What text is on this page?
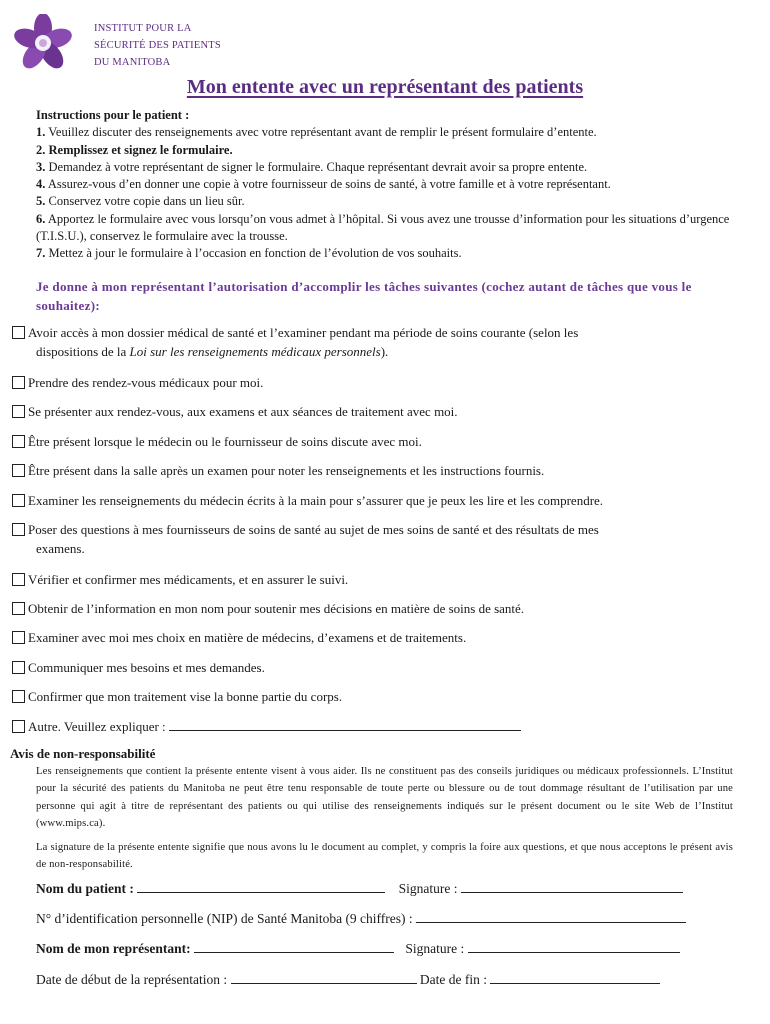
INSTITUT POUR LA
SÉCURITÉ DES PATIENTS
DU MANITOBA
Mon entente avec un représentant des patients
Instructions pour le patient :
1. Veuillez discuter des renseignements avec votre représentant avant de remplir le présent formulaire d’entente.
2. Remplissez et signez le formulaire.
3. Demandez à votre représentant de signer le formulaire. Chaque représentant devrait avoir sa propre entente.
4. Assurez-vous d’en donner une copie à votre fournisseur de soins de santé, à votre famille et à votre représentant.
5. Conservez votre copie dans un lieu sûr.
6. Apportez le formulaire avec vous lorsqu’on vous admet à l’hôpital. Si vous avez une trousse d’information pour les situations d’urgence (T.I.S.U.), conservez le formulaire avec la trousse.
7. Mettez à jour le formulaire à l’occasion en fonction de l’évolution de vos souhaits.
Je donne à mon représentant l’autorisation d’accomplir les tâches suivantes (cochez autant de tâches que vous le souhaitez):
Avoir accès à mon dossier médical de santé et l’examiner pendant ma période de soins courante (selon les
dispositions de la Loi sur les renseignements médicaux personnels).
Prendre des rendez-vous médicaux pour moi.
Se présenter aux rendez-vous, aux examens et aux séances de traitement avec moi.
Être présent lorsque le médecin ou le fournisseur de soins discute avec moi.
Être présent dans la salle après un examen pour noter les renseignements et les instructions fournis.
Examiner les renseignements du médecin écrits à la main pour s’assurer que je peux les lire et les comprendre.
Poser des questions à mes fournisseurs de soins de santé au sujet de mes soins de santé et des résultats de mes
examens.
Vérifier et confirmer mes médicaments, et en assurer le suivi.
Obtenir de l’information en mon nom pour soutenir mes décisions en matière de soins de santé.
Examiner avec moi mes choix en matière de médecins, d’examens et de traitements.
Communiquer mes besoins et mes demandes.
Confirmer que mon traitement vise la bonne partie du corps.
Autre. Veuillez expliquer :
Avis de non-responsabilité
Les renseignements que contient la présente entente visent à vous aider. Ils ne constituent pas des conseils juridiques ou médicaux professionnels. L’Institut pour la sécurité des patients du Manitoba ne peut être tenu responsable de toute perte ou blessure ou de tout dommage résultant de l’utilisation par une personne qui agit à titre de représentant des patients ou qui utilise des renseignements indiqués sur le présent document ou le site Web de l’Institut (www.mips.ca).
La signature de la présente entente signifie que nous avons lu le document au complet, y compris la foire aux questions, et que nous acceptons le présent avis de non-responsabilité.
Nom du patient :	Signature :
N° d’identification personnelle (NIP) de Santé Manitoba (9 chiffres) :
Nom de mon représentant:	Signature :
Date de début de la représentation :	Date de fin :
